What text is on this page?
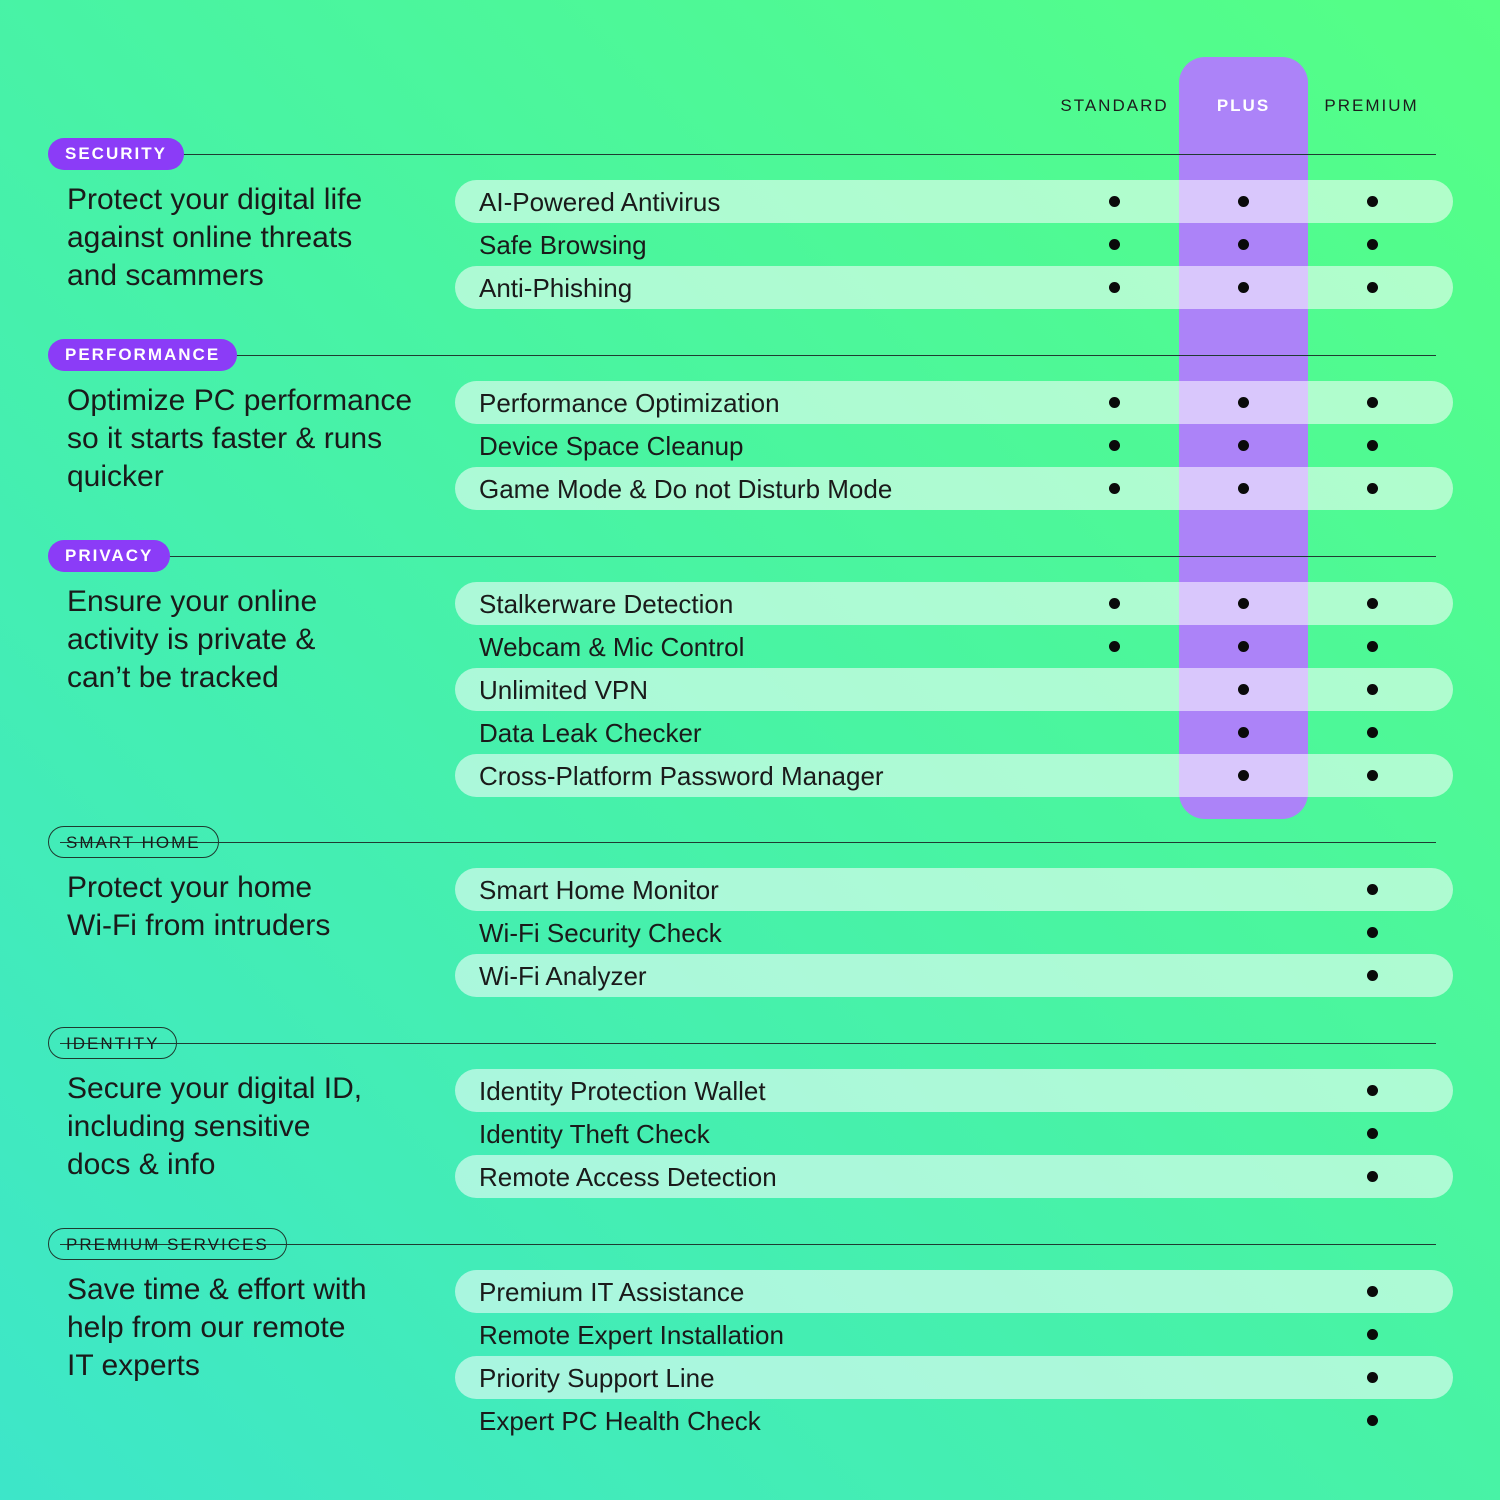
STANDARD	PLUS	PREMIUM
SECURITY
Protect your digital life
against online threats
and scammers
AI-Powered Antivirus
Safe Browsing
Anti-Phishing
PERFORMANCE
Optimize PC performance
so it starts faster & runs
quicker
Performance Optimization
Device Space Cleanup
Game Mode & Do not Disturb Mode
PRIVACY
Ensure your online
activity is private &
can’t be tracked
Stalkerware Detection
Webcam & Mic Control
Unlimited VPN
Data Leak Checker
Cross-Platform Password Manager
SMART HOME
Protect your home
Wi-Fi from intruders
Smart Home Monitor
Wi-Fi Security Check
Wi-Fi Analyzer
IDENTITY
Secure your digital ID,
including sensitive
docs & info
Identity Protection Wallet
Identity Theft Check
Remote Access Detection
PREMIUM SERVICES
Save time & effort with
help from our remote
IT experts
Premium IT Assistance
Remote Expert Installation
Priority Support Line
Expert PC Health Check
